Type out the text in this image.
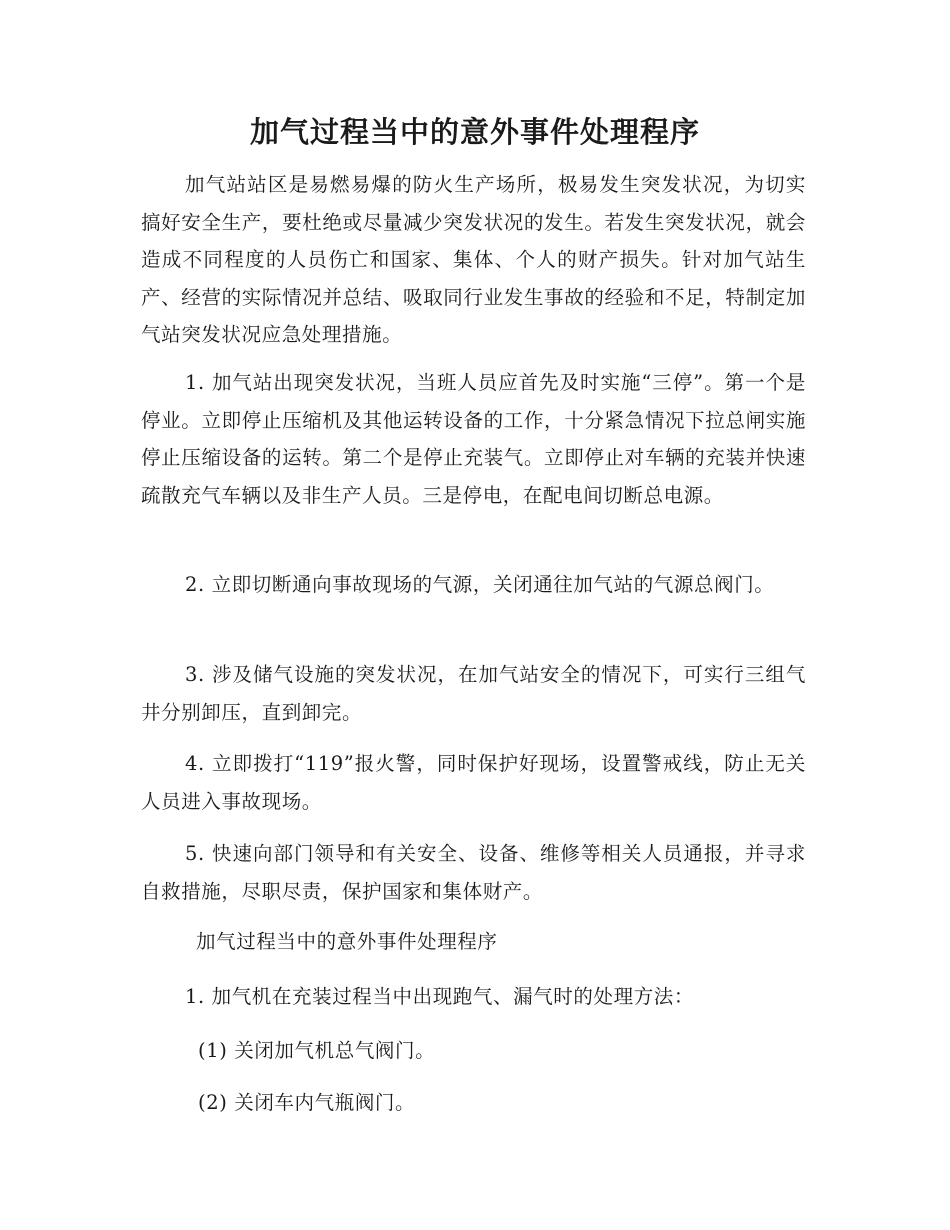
加气过程当中的意外事件处理程序

加气站站区是易燃易爆的防火生产场所，极易发生突发状况，为切实搞好安全生产，要杜绝或尽量减少突发状况的发生。若发生突发状况，就会造成不同程度的人员伤亡和国家、集体、个人的财产损失。针对加气站生产、经营的实际情况并总结、吸取同行业发生事故的经验和不足，特制定加气站突发状况应急处理措施。

1. 加气站出现突发状况，当班人员应首先及时实施“三停”。第一个是停业。立即停止压缩机及其他运转设备的工作，十分紧急情况下拉总闸实施停止压缩设备的运转。第二个是停止充装气。立即停止对车辆的充装并快速疏散充气车辆以及非生产人员。三是停电，在配电间切断总电源。

2. 立即切断通向事故现场的气源，关闭通往加气站的气源总阀门。

3. 涉及储气设施的突发状况，在加气站安全的情况下，可实行三组气井分别卸压，直到卸完。

4. 立即拨打“119”报火警，同时保护好现场，设置警戒线，防止无关人员进入事故现场。

5. 快速向部门领导和有关安全、设备、维修等相关人员通报，并寻求自救措施，尽职尽责，保护国家和集体财产。

加气过程当中的意外事件处理程序

1. 加气机在充装过程当中出现跑气、漏气时的处理方法：

(1) 关闭加气机总气阀门。

(2) 关闭车内气瓶阀门。
